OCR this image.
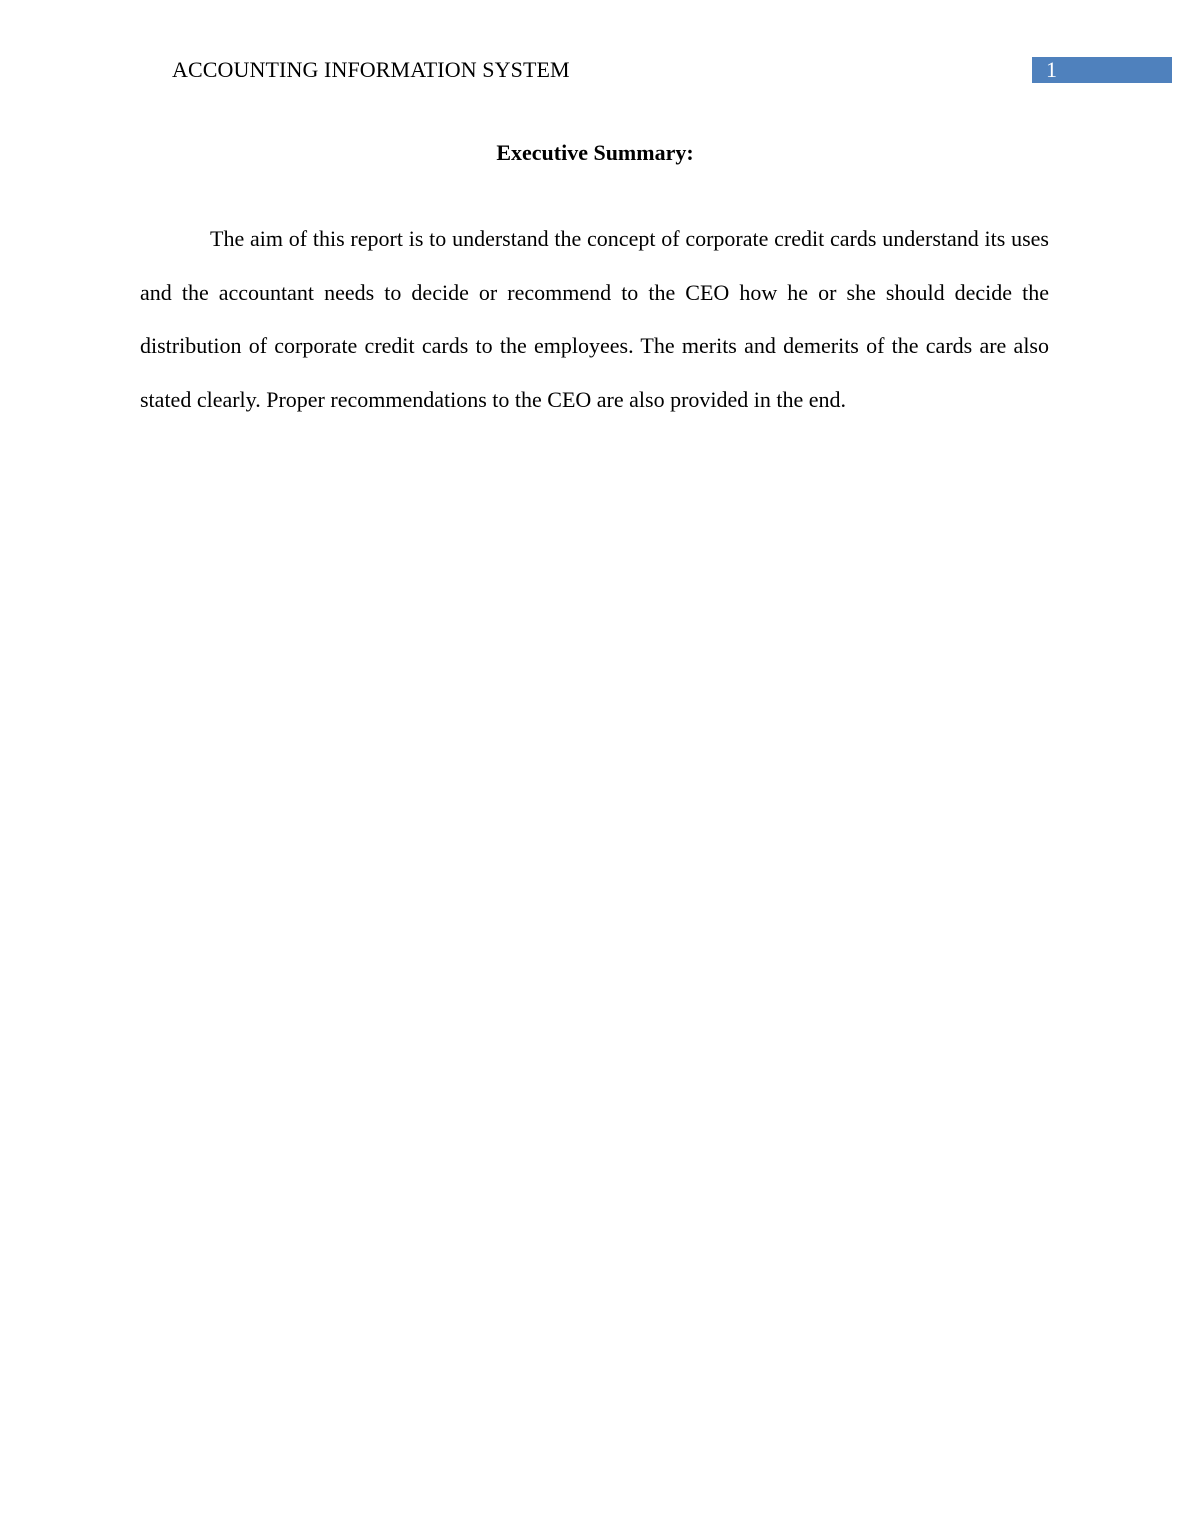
ACCOUNTING INFORMATION SYSTEM	1
Executive Summary:

The aim of this report is to understand the concept of corporate credit cards understand its uses and the accountant needs to decide or recommend to the CEO how he or she should decide the distribution of corporate credit cards to the employees. The merits and demerits of the cards are also stated clearly. Proper recommendations to the CEO are also provided in the end.
